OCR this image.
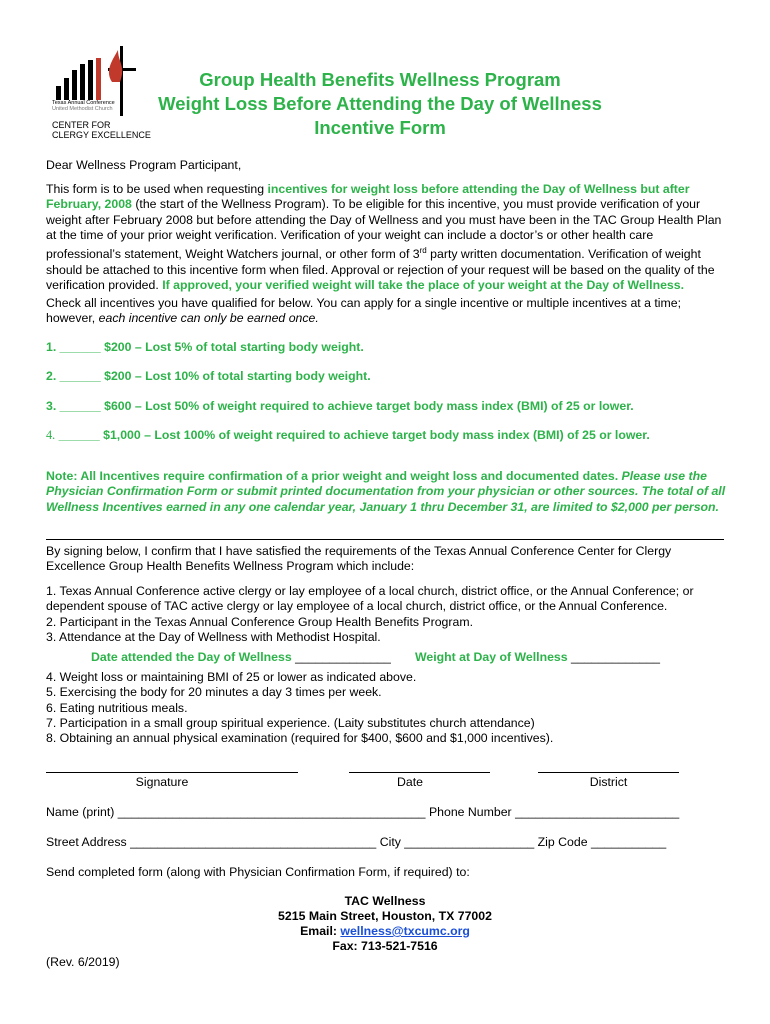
Texas Annual Conference
United Methodist Church
CENTER FOR
CLERGY EXCELLENCE
Group Health Benefits Wellness Program
Weight Loss Before Attending the Day of Wellness
Incentive Form
Dear Wellness Program Participant,
This form is to be used when requesting incentives for weight loss before attending the Day of Wellness but after February, 2008 (the start of the Wellness Program). To be eligible for this incentive, you must provide verification of your weight after February 2008 but before attending the Day of Wellness and you must have been in the TAC Group Health Plan at the time of your prior weight verification. Verification of your weight can include a doctor’s or other health care professional’s statement, Weight Watchers journal, or other form of 3rd party written documentation. Verification of weight should be attached to this incentive form when filed. Approval or rejection of your request will be based on the quality of the verification provided. If approved, your verified weight will take the place of your weight at the Day of Wellness.
Check all incentives you have qualified for below. You can apply for a single incentive or multiple incentives at a time; however, each incentive can only be earned once.
1. ______ $200 – Lost 5% of total starting body weight.
2. ______ $200 – Lost 10% of total starting body weight.
3. ______ $600 – Lost 50% of weight required to achieve target body mass index (BMI) of 25 or lower.
4. ______ $1,000 – Lost 100% of weight required to achieve target body mass index (BMI) of 25 or lower.
Note: All Incentives require confirmation of a prior weight and weight loss and documented dates. Please use the Physician Confirmation Form or submit printed documentation from your physician or other sources. The total of all Wellness Incentives earned in any one calendar year, January 1 thru December 31, are limited to $2,000 per person.
By signing below, I confirm that I have satisfied the requirements of the Texas Annual Conference Center for Clergy Excellence Group Health Benefits Wellness Program which include:
1. Texas Annual Conference active clergy or lay employee of a local church, district office, or the Annual Conference; or dependent spouse of TAC active clergy or lay employee of a local church, district office, or the Annual Conference.
2. Participant in the Texas Annual Conference Group Health Benefits Program.
3. Attendance at the Day of Wellness with Methodist Hospital.
Date attended the Day of Wellness ______________ Weight at Day of Wellness _____________
4. Weight loss or maintaining BMI of 25 or lower as indicated above.
5. Exercising the body for 20 minutes a day 3 times per week.
6. Eating nutritious meals.
7. Participation in a small group spiritual experience. (Laity substitutes church attendance)
8. Obtaining an annual physical examination (required for $400, $600 and $1,000 incentives).
Signature	Date	District
Name (print) _____________________________________________ Phone Number ________________________
Street Address ____________________________________ City ___________________ Zip Code ___________
Send completed form (along with Physician Confirmation Form, if required) to:
TAC Wellness
5215 Main Street, Houston, TX 77002
Email: wellness@txcumc.org
Fax: 713-521-7516
(Rev. 6/2019)
